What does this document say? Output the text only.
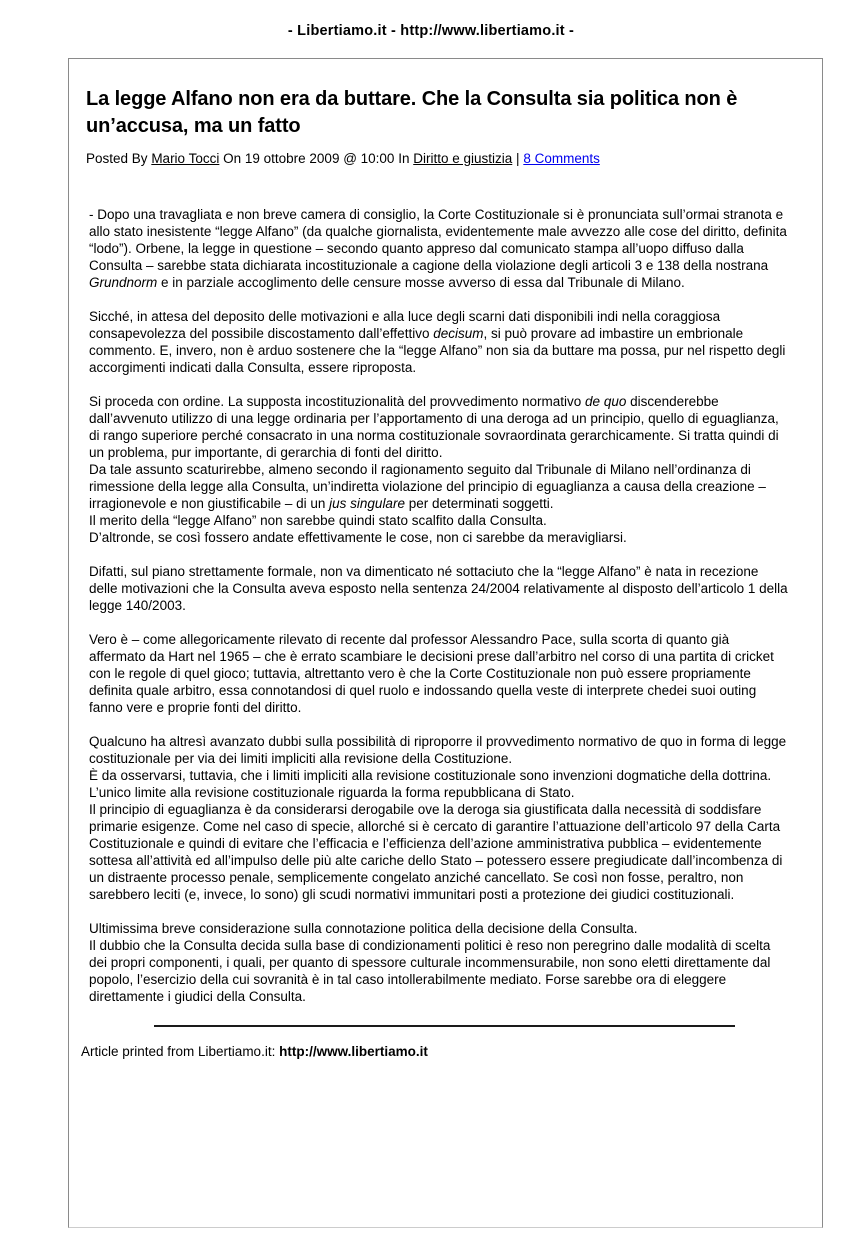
- Libertiamo.it - http://www.libertiamo.it -
La legge Alfano non era da buttare. Che la Consulta sia politica non è un’accusa, ma un fatto
Posted By Mario Tocci On 19 ottobre 2009 @ 10:00 In Diritto e giustizia | 8 Comments

- Dopo una travagliata e non breve camera di consiglio, la Corte Costituzionale si è pronunciata sull’ormai stranota e allo stato inesistente “legge Alfano” (da qualche giornalista, evidentemente male avvezzo alle cose del diritto, definita “lodo”). Orbene, la legge in questione – secondo quanto appreso dal comunicato stampa all’uopo diffuso dalla Consulta – sarebbe stata dichiarata incostituzionale a cagione della violazione degli articoli 3 e 138 della nostrana Grundnorm e in parziale accoglimento delle censure mosse avverso di essa dal Tribunale di Milano.

Sicché, in attesa del deposito delle motivazioni e alla luce degli scarni dati disponibili indi nella coraggiosa consapevolezza del possibile discostamento dall’effettivo decisum, si può provare ad imbastire un embrionale commento. E, invero, non è arduo sostenere che la “legge Alfano” non sia da buttare ma possa, pur nel rispetto degli accorgimenti indicati dalla Consulta, essere riproposta.

Si proceda con ordine. La supposta incostituzionalità del provvedimento normativo de quo discenderebbe dall’avvenuto utilizzo di una legge ordinaria per l’apportamento di una deroga ad un principio, quello di eguaglianza, di rango superiore perché consacrato in una norma costituzionale sovraordinata gerarchicamente. Si tratta quindi di un problema, pur importante, di gerarchia di fonti del diritto.
Da tale assunto scaturirebbe, almeno secondo il ragionamento seguito dal Tribunale di Milano nell’ordinanza di rimessione della legge alla Consulta, un’indiretta violazione del principio di eguaglianza a causa della creazione – irragionevole e non giustificabile – di un jus singulare per determinati soggetti.
Il merito della “legge Alfano” non sarebbe quindi stato scalfito dalla Consulta.
D’altronde, se così fossero andate effettivamente le cose, non ci sarebbe da meravigliarsi.

Difatti, sul piano strettamente formale, non va dimenticato né sottaciuto che la “legge Alfano” è nata in recezione delle motivazioni che la Consulta aveva esposto nella sentenza 24/2004 relativamente al disposto dell’articolo 1 della legge 140/2003.

Vero è – come allegoricamente rilevato di recente dal professor Alessandro Pace, sulla scorta di quanto già affermato da Hart nel 1965 – che è errato scambiare le decisioni prese dall’arbitro nel corso di una partita di cricket con le regole di quel gioco; tuttavia, altrettanto vero è che la Corte Costituzionale non può essere propriamente definita quale arbitro, essa connotandosi di quel ruolo e indossando quella veste di interprete chedei suoi outing fanno vere e proprie fonti del diritto.

Qualcuno ha altresì avanzato dubbi sulla possibilità di riproporre il provvedimento normativo de quo in forma di legge costituzionale per via dei limiti impliciti alla revisione della Costituzione.
È da osservarsi, tuttavia, che i limiti impliciti alla revisione costituzionale sono invenzioni dogmatiche della dottrina. L’unico limite alla revisione costituzionale riguarda la forma repubblicana di Stato.
Il principio di eguaglianza è da considerarsi derogabile ove la deroga sia giustificata dalla necessità di soddisfare primarie esigenze. Come nel caso di specie, allorché si è cercato di garantire l’attuazione dell’articolo 97 della Carta Costituzionale e quindi di evitare che l’efficacia e l’efficienza dell’azione amministrativa pubblica – evidentemente sottesa all’attività ed all’impulso delle più alte cariche dello Stato – potessero essere pregiudicate dall’incombenza di un distraente processo penale, semplicemente congelato anziché cancellato. Se così non fosse, peraltro, non sarebbero leciti (e, invece, lo sono) gli scudi normativi immunitari posti a protezione dei giudici costituzionali.

Ultimissima breve considerazione sulla connotazione politica della decisione della Consulta.
Il dubbio che la Consulta decida sulla base di condizionamenti politici è reso non peregrino dalle modalità di scelta dei propri componenti, i quali, per quanto di spessore culturale incommensurabile, non sono eletti direttamente dal popolo, l’esercizio della cui sovranità è in tal caso intollerabilmente mediato. Forse sarebbe ora di eleggere direttamente i giudici della Consulta.

Article printed from Libertiamo.it: http://www.libertiamo.it
